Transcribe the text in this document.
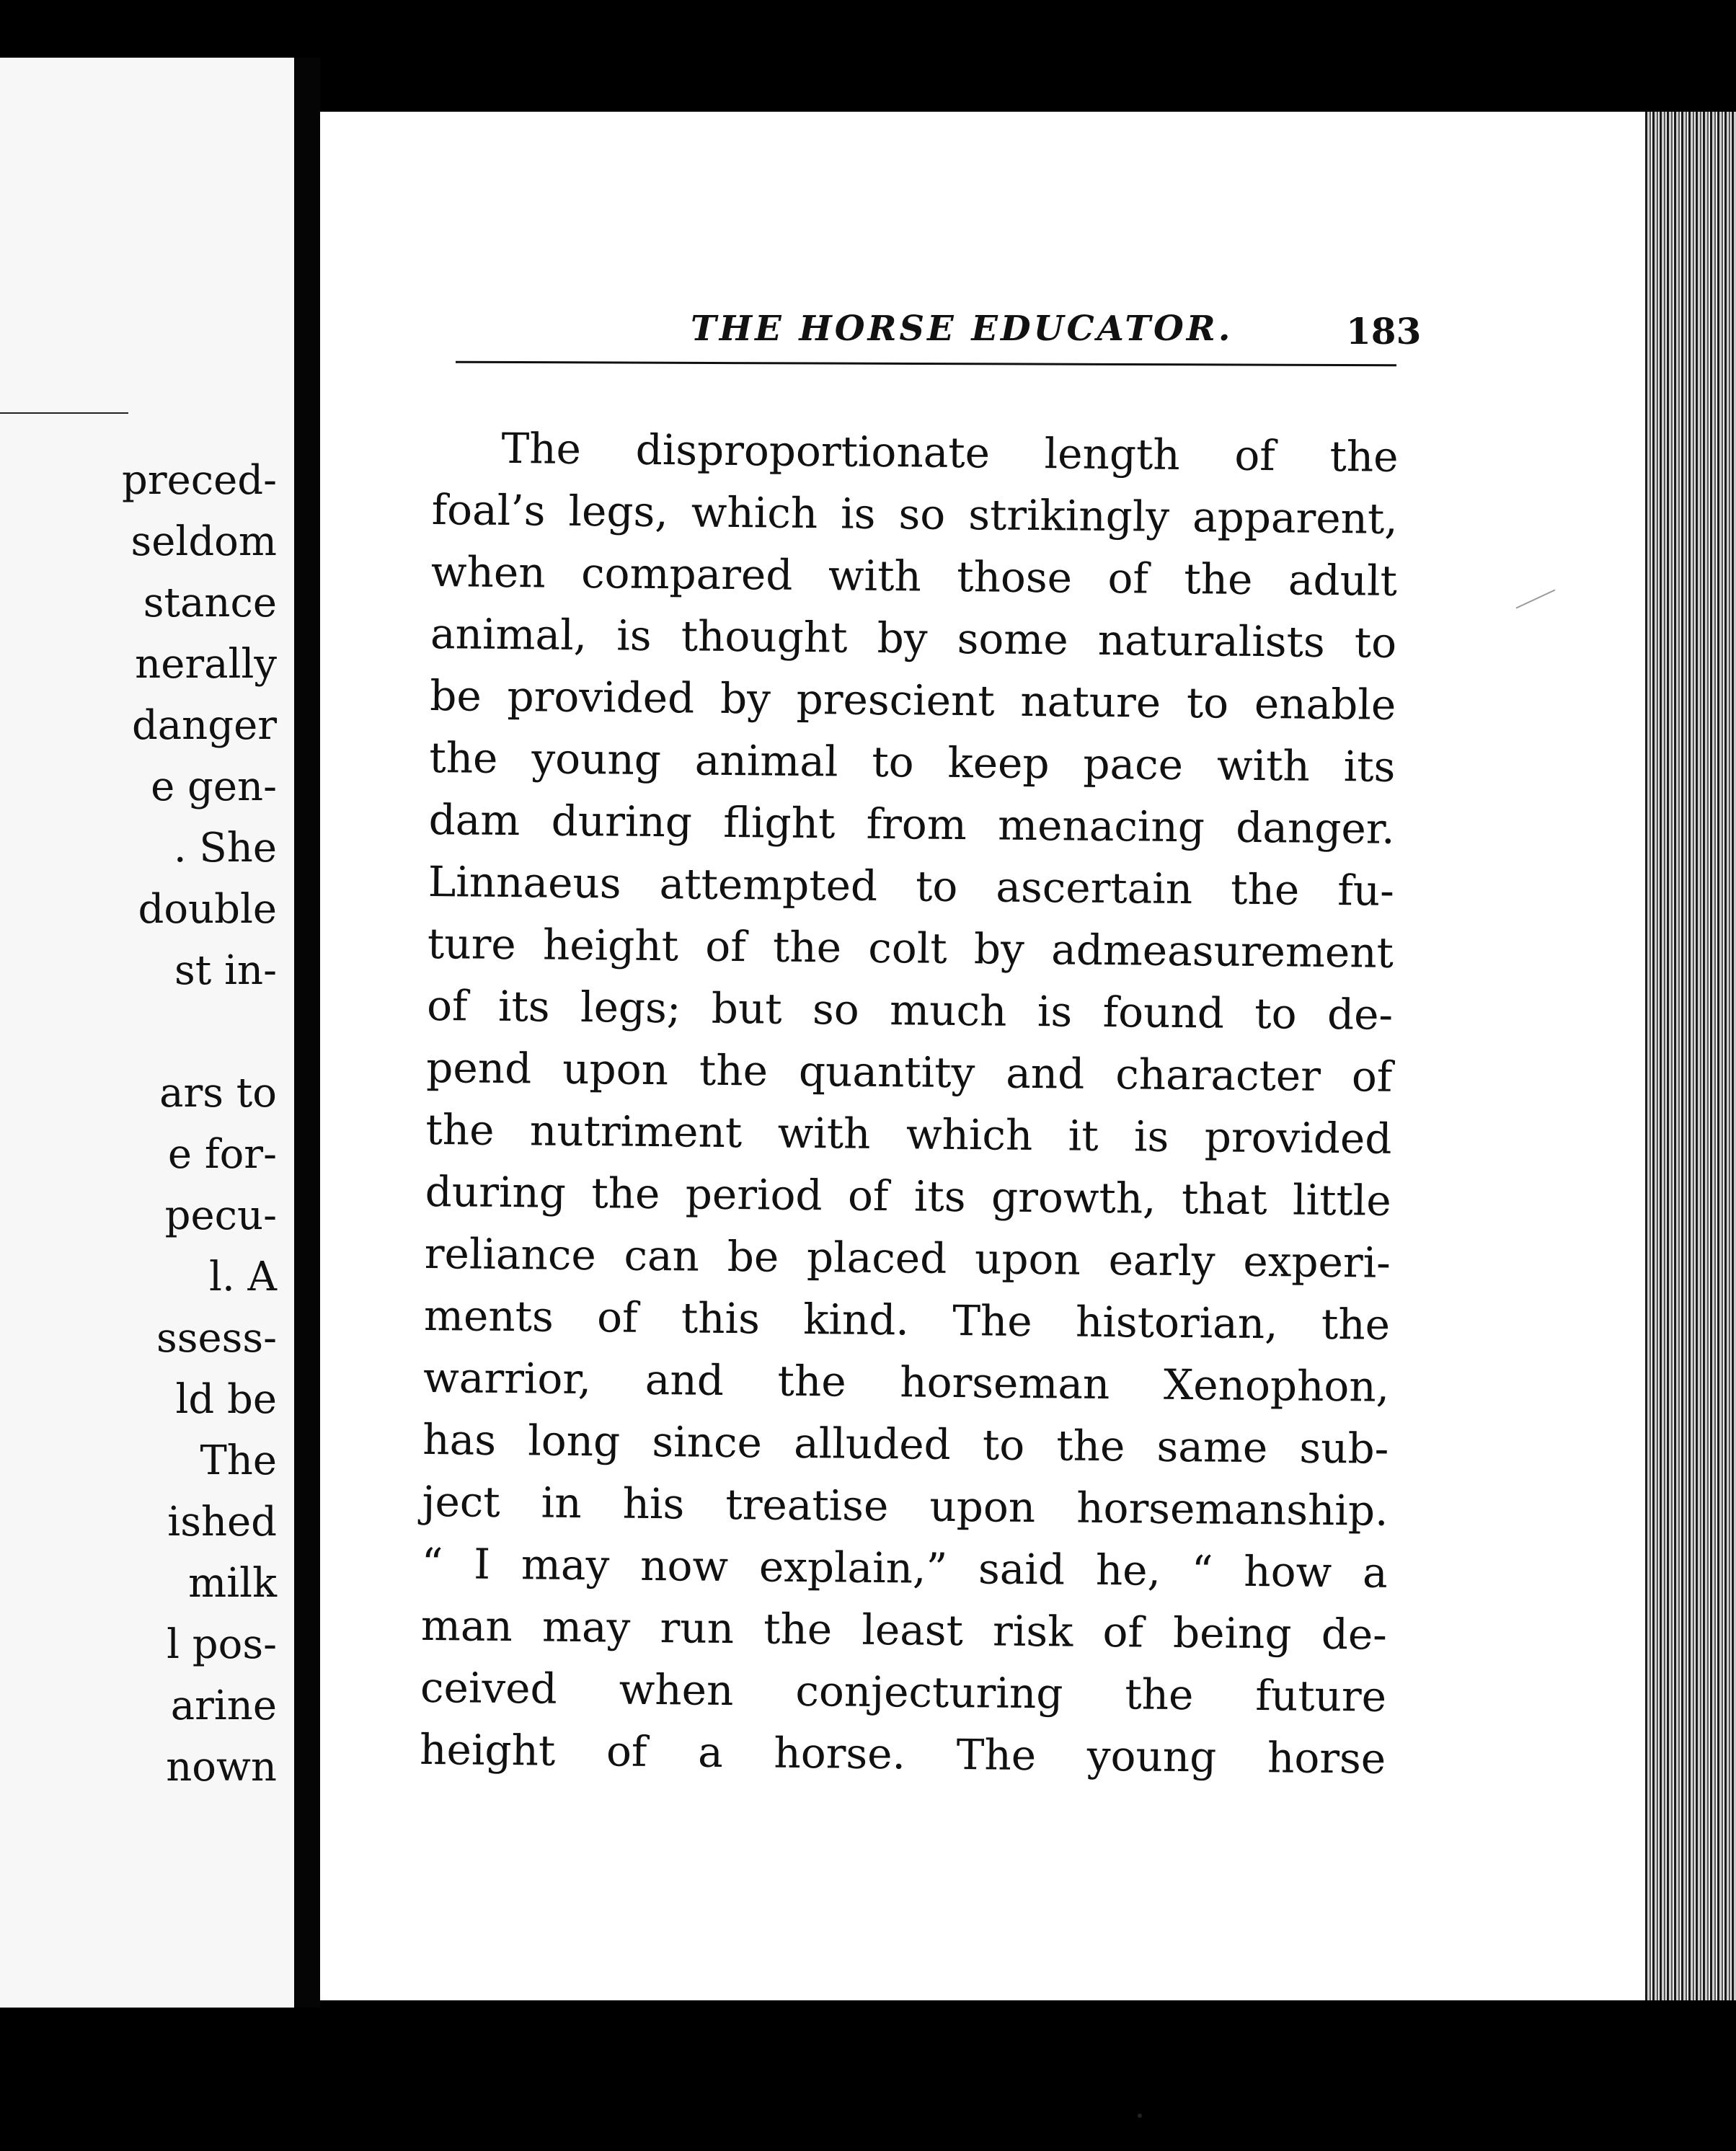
preced-
seldom
stance
nerally
danger
e gen-
. She
double
st in-
ars to
e for-
pecu-
l. A
ssess-
ld be
The
ished
milk
l pos-
arine
nown
THE HORSE EDUCATOR.	183
The disproportionate length of the
foal’s legs, which is so strikingly apparent,
when compared with those of the adult
animal, is thought by some naturalists to
be provided by prescient nature to enable
the young animal to keep pace with its
dam during flight from menacing danger.
Linnaeus attempted to ascertain the fu-
ture height of the colt by admeasurement
of its legs; but so much is found to de-
pend upon the quantity and character of
the nutriment with which it is provided
during the period of its growth, that little
reliance can be placed upon early experi-
ments of this kind. The historian, the
warrior, and the horseman Xenophon,
has long since alluded to the same sub-
ject in his treatise upon horsemanship.
“ I may now explain,” said he, “ how a
man may run the least risk of being de-
ceived when conjecturing the future
height of a horse. The young horse
